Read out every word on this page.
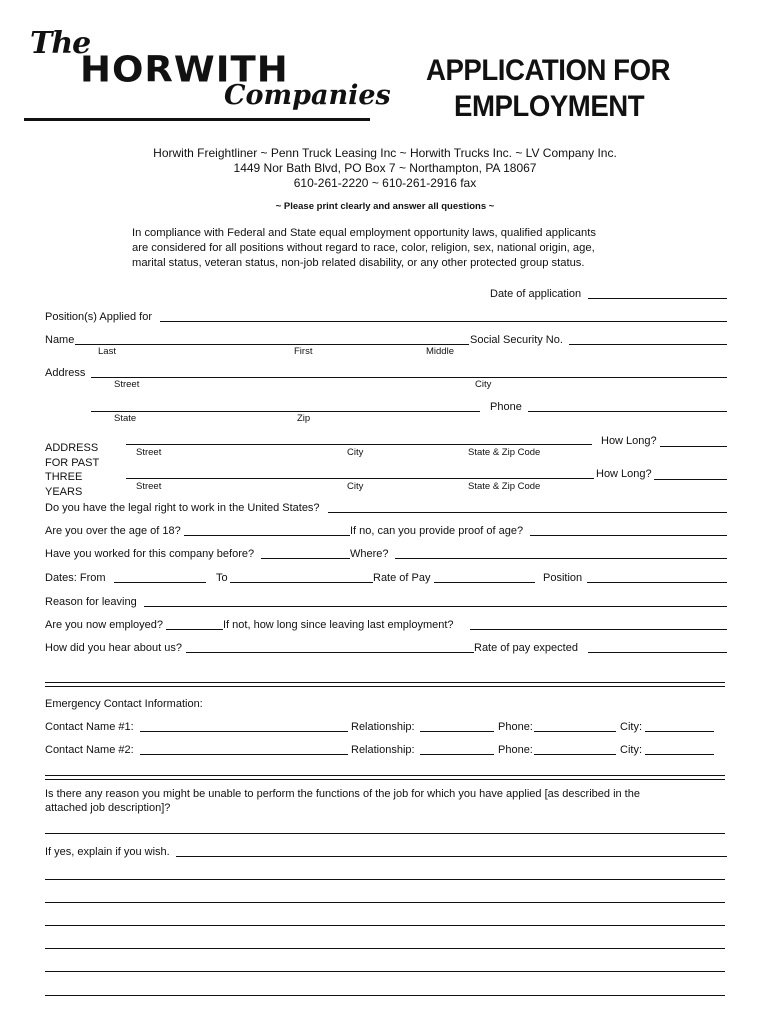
The
HORWITH
Companies
APPLICATION FOR
EMPLOYMENT
Horwith Freightliner ~ Penn Truck Leasing Inc ~ Horwith Trucks Inc. ~ LV Company Inc.
1449 Nor Bath Blvd, PO Box 7 ~ Northampton, PA 18067
610-261-2220 ~ 610-261-2916 fax
~ Please print clearly and answer all questions ~
In compliance with Federal and State equal employment opportunity laws, qualified applicants
are considered for all positions without regard to race, color, religion, sex, national origin, age,
marital status, veteran status, non-job related disability, or any other protected group status.
Date of application
Position(s) Applied for
Name	Social Security No.
Last	First	Middle
Address
Street	City
Phone
State	Zip
ADDRESS
FOR PAST
THREE
YEARS
How Long?
Street	City	State & Zip Code
How Long?
Street	City	State & Zip Code
Do you have the legal right to work in the United States?
Are you over the age of 18?	If no, can you provide proof of age?
Have you worked for this company before?	Where?
Dates: From	To	Rate of Pay	Position
Reason for leaving
Are you now employed?	If not, how long since leaving last employment?
How did you hear about us?	Rate of pay expected
Emergency Contact Information:
Contact Name #1:	Relationship:	Phone:	City:
Contact Name #2:	Relationship:	Phone:	City:
Is there any reason you might be unable to perform the functions of the job for which you have applied [as described in the
attached job description]?
If yes, explain if you wish.
